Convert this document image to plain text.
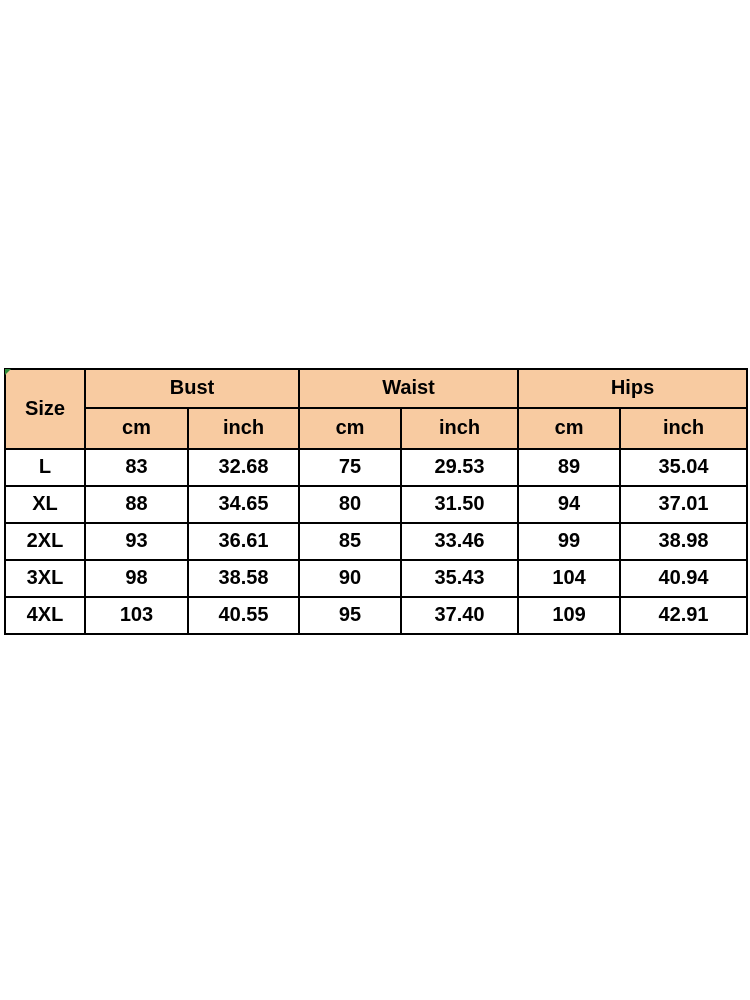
Size	Bust		Waist		Hips	
	cm	inch	cm	inch	cm	inch
L	83	32.68	75	29.53	89	35.04
XL	88	34.65	80	31.50	94	37.01
2XL	93	36.61	85	33.46	99	38.98
3XL	98	38.58	90	35.43	104	40.94
4XL	103	40.55	95	37.40	109	42.91
